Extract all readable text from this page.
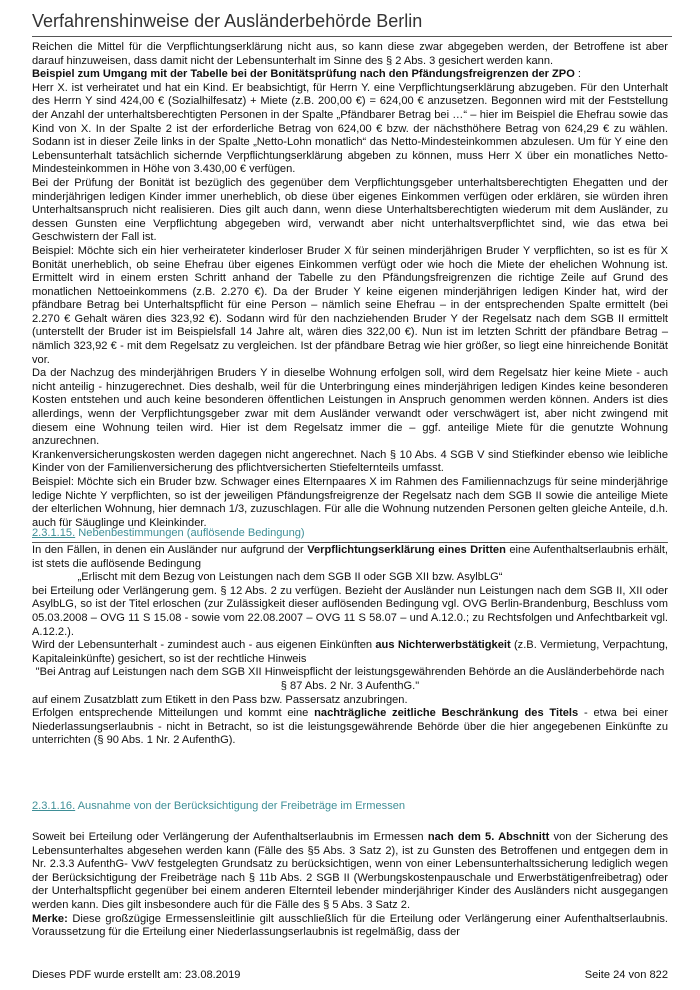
Verfahrenshinweise der Ausländerbehörde Berlin
Reichen die Mittel für die Verpflichtungserklärung nicht aus, so kann diese zwar abgegeben werden, der Betroffene ist aber darauf hinzuweisen, dass damit nicht der Lebensunterhalt im Sinne des § 2 Abs. 3 gesichert werden kann.
Beispiel zum Umgang mit der Tabelle bei der Bonitätsprüfung nach den Pfändungsfreigrenzen der ZPO :
Herr X. ist verheiratet und hat ein Kind. Er beabsichtigt, für Herrn Y. eine Verpflichtungserklärung abzugeben. Für den Unterhalt des Herrn Y sind 424,00 € (Sozialhilfesatz) + Miete (z.B. 200,00 €) = 624,00 € anzusetzen. Begonnen wird mit der Feststellung der Anzahl der unterhaltsberechtigten Personen in der Spalte „Pfändbarer Betrag bei …“ – hier im Beispiel die Ehefrau sowie das Kind von X. In der Spalte 2 ist der erforderliche Betrag von 624,00 € bzw. der nächsthöhere Betrag von 624,29 € zu wählen. Sodann ist in dieser Zeile links in der Spalte „Netto-Lohn monatlich“ das Netto-Mindesteinkommen abzulesen. Um für Y eine den Lebensunterhalt tatsächlich sichernde Verpflichtungserklärung abgeben zu können, muss Herr X über ein monatliches Netto- Mindesteinkommen in Höhe von 3.430,00 € verfügen.
Bei der Prüfung der Bonität ist bezüglich des gegenüber dem Verpflichtungsgeber unterhaltsberechtigten Ehegatten und der minderjährigen ledigen Kinder immer unerheblich, ob diese über eigenes Einkommen verfügen oder erklären, sie würden ihren Unterhaltsanspruch nicht realisieren. Dies gilt auch dann, wenn diese Unterhaltsberechtigten wiederum mit dem Ausländer, zu dessen Gunsten eine Verpflichtung abgegeben wird, verwandt aber nicht unterhaltsverpflichtet sind, wie das etwa bei Geschwistern der Fall ist.
Beispiel: Möchte sich ein hier verheirateter kinderloser Bruder X für seinen minderjährigen Bruder Y verpflichten, so ist es für X Bonität unerheblich, ob seine Ehefrau über eigenes Einkommen verfügt oder wie hoch die Miete der ehelichen Wohnung ist. Ermittelt wird in einem ersten Schritt anhand der Tabelle zu den Pfändungsfreigrenzen die richtige Zeile auf Grund des monatlichen Nettoeinkommens (z.B. 2.270 €). Da der Bruder Y keine eigenen minderjährigen ledigen Kinder hat, wird der pfändbare Betrag bei Unterhaltspflicht für eine Person – nämlich seine Ehefrau – in der entsprechenden Spalte ermittelt (bei 2.270 € Gehalt wären dies 323,92 €). Sodann wird für den nachziehenden Bruder Y der Regelsatz nach dem SGB II ermittelt (unterstellt der Bruder ist im Beispielsfall 14 Jahre alt, wären dies 322,00 €). Nun ist im letzten Schritt der pfändbare Betrag – nämlich 323,92 € - mit dem Regelsatz zu vergleichen. Ist der pfändbare Betrag wie hier größer, so liegt eine hinreichende Bonität vor.
Da der Nachzug des minderjährigen Bruders Y in dieselbe Wohnung erfolgen soll, wird dem Regelsatz hier keine Miete - auch nicht anteilig - hinzugerechnet. Dies deshalb, weil für die Unterbringung eines minderjährigen ledigen Kindes keine besonderen Kosten entstehen und auch keine besonderen öffentlichen Leistungen in Anspruch genommen werden können. Anders ist dies allerdings, wenn der Verpflichtungsgeber zwar mit dem Ausländer verwandt oder verschwägert ist, aber nicht zwingend mit diesem eine Wohnung teilen wird. Hier ist dem Regelsatz immer die – ggf. anteilige Miete für die genutzte Wohnung anzurechnen.
Krankenversicherungskosten werden dagegen nicht angerechnet. Nach § 10 Abs. 4 SGB V sind Stiefkinder ebenso wie leibliche Kinder von der Familienversicherung des pflichtversicherten Stiefelternteils umfasst.
Beispiel: Möchte sich ein Bruder bzw. Schwager eines Elternpaares X im Rahmen des Familiennachzugs für seine minderjährige ledige Nichte Y verpflichten, so ist der jeweiligen Pfändungsfreigrenze der Regelsatz nach dem SGB II sowie die anteilige Miete der elterlichen Wohnung, hier demnach 1/3, zuzuschlagen. Für alle die Wohnung nutzenden Personen gelten gleiche Anteile, d.h. auch für Säuglinge und Kleinkinder.
2.3.1.15. Nebenbestimmungen (auflösende Bedingung)
In den Fällen, in denen ein Ausländer nur aufgrund der Verpflichtungserklärung eines Dritten eine Aufenthaltserlaubnis erhält, ist stets die auflösende Bedingung
„Erlischt mit dem Bezug von Leistungen nach dem SGB II oder SGB XII bzw. AsylbLG“
bei Erteilung oder Verlängerung gem. § 12 Abs. 2 zu verfügen. Bezieht der Ausländer nun Leistungen nach dem SGB II, XII oder AsylbLG, so ist der Titel erloschen (zur Zulässigkeit dieser auflösenden Bedingung vgl. OVG Berlin-Brandenburg, Beschluss vom 05.03.2008 – OVG 11 S 15.08 - sowie vom 22.08.2007 – OVG 11 S 58.07 – und A.12.0.; zu Rechtsfolgen und Anfechtbarkeit vgl. A.12.2.).
Wird der Lebensunterhalt - zumindest auch - aus eigenen Einkünften aus Nichterwerbstätigkeit (z.B. Vermietung, Verpachtung, Kapitaleinkünfte) gesichert, so ist der rechtliche Hinweis
"Bei Antrag auf Leistungen nach dem SGB XII Hinweispflicht der leistungsgewährenden Behörde an die Ausländerbehörde nach § 87 Abs. 2 Nr. 3 AufenthG."
auf einem Zusatzblatt zum Etikett in den Pass bzw. Passersatz anzubringen.
Erfolgen entsprechende Mitteilungen und kommt eine nachträgliche zeitliche Beschränkung des Titels - etwa bei einer Niederlassungserlaubnis - nicht in Betracht, so ist die leistungsgewährende Behörde über die hier angegebenen Einkünfte zu unterrichten (§ 90 Abs. 1 Nr. 2 AufenthG).
2.3.1.16. Ausnahme von der Berücksichtigung der Freibeträge im Ermessen
Soweit bei Erteilung oder Verlängerung der Aufenthaltserlaubnis im Ermessen nach dem 5. Abschnitt von der Sicherung des Lebensunterhaltes abgesehen werden kann (Fälle des §5 Abs. 3 Satz 2), ist zu Gunsten des Betroffenen und entgegen dem in Nr. 2.3.3 AufenthG- VwV festgelegten Grundsatz zu berücksichtigen, wenn von einer Lebensunterhaltssicherung lediglich wegen der Berücksichtigung der Freibeträge nach § 11b Abs. 2 SGB II (Werbungskostenpauschale und Erwerbstätigenfreibetrag) oder der Unterhaltspflicht gegenüber bei einem anderen Elternteil lebender minderjähriger Kinder des Ausländers nicht ausgegangen werden kann. Dies gilt insbesondere auch für die Fälle des § 5 Abs. 3 Satz 2.
Merke: Diese großzügige Ermessensleitlinie gilt ausschließlich für die Erteilung oder Verlängerung einer Aufenthaltserlaubnis. Voraussetzung für die Erteilung einer Niederlassungserlaubnis ist regelmäßig, dass der
Dieses PDF wurde erstellt am: 23.08.2019	Seite 24 von 822
